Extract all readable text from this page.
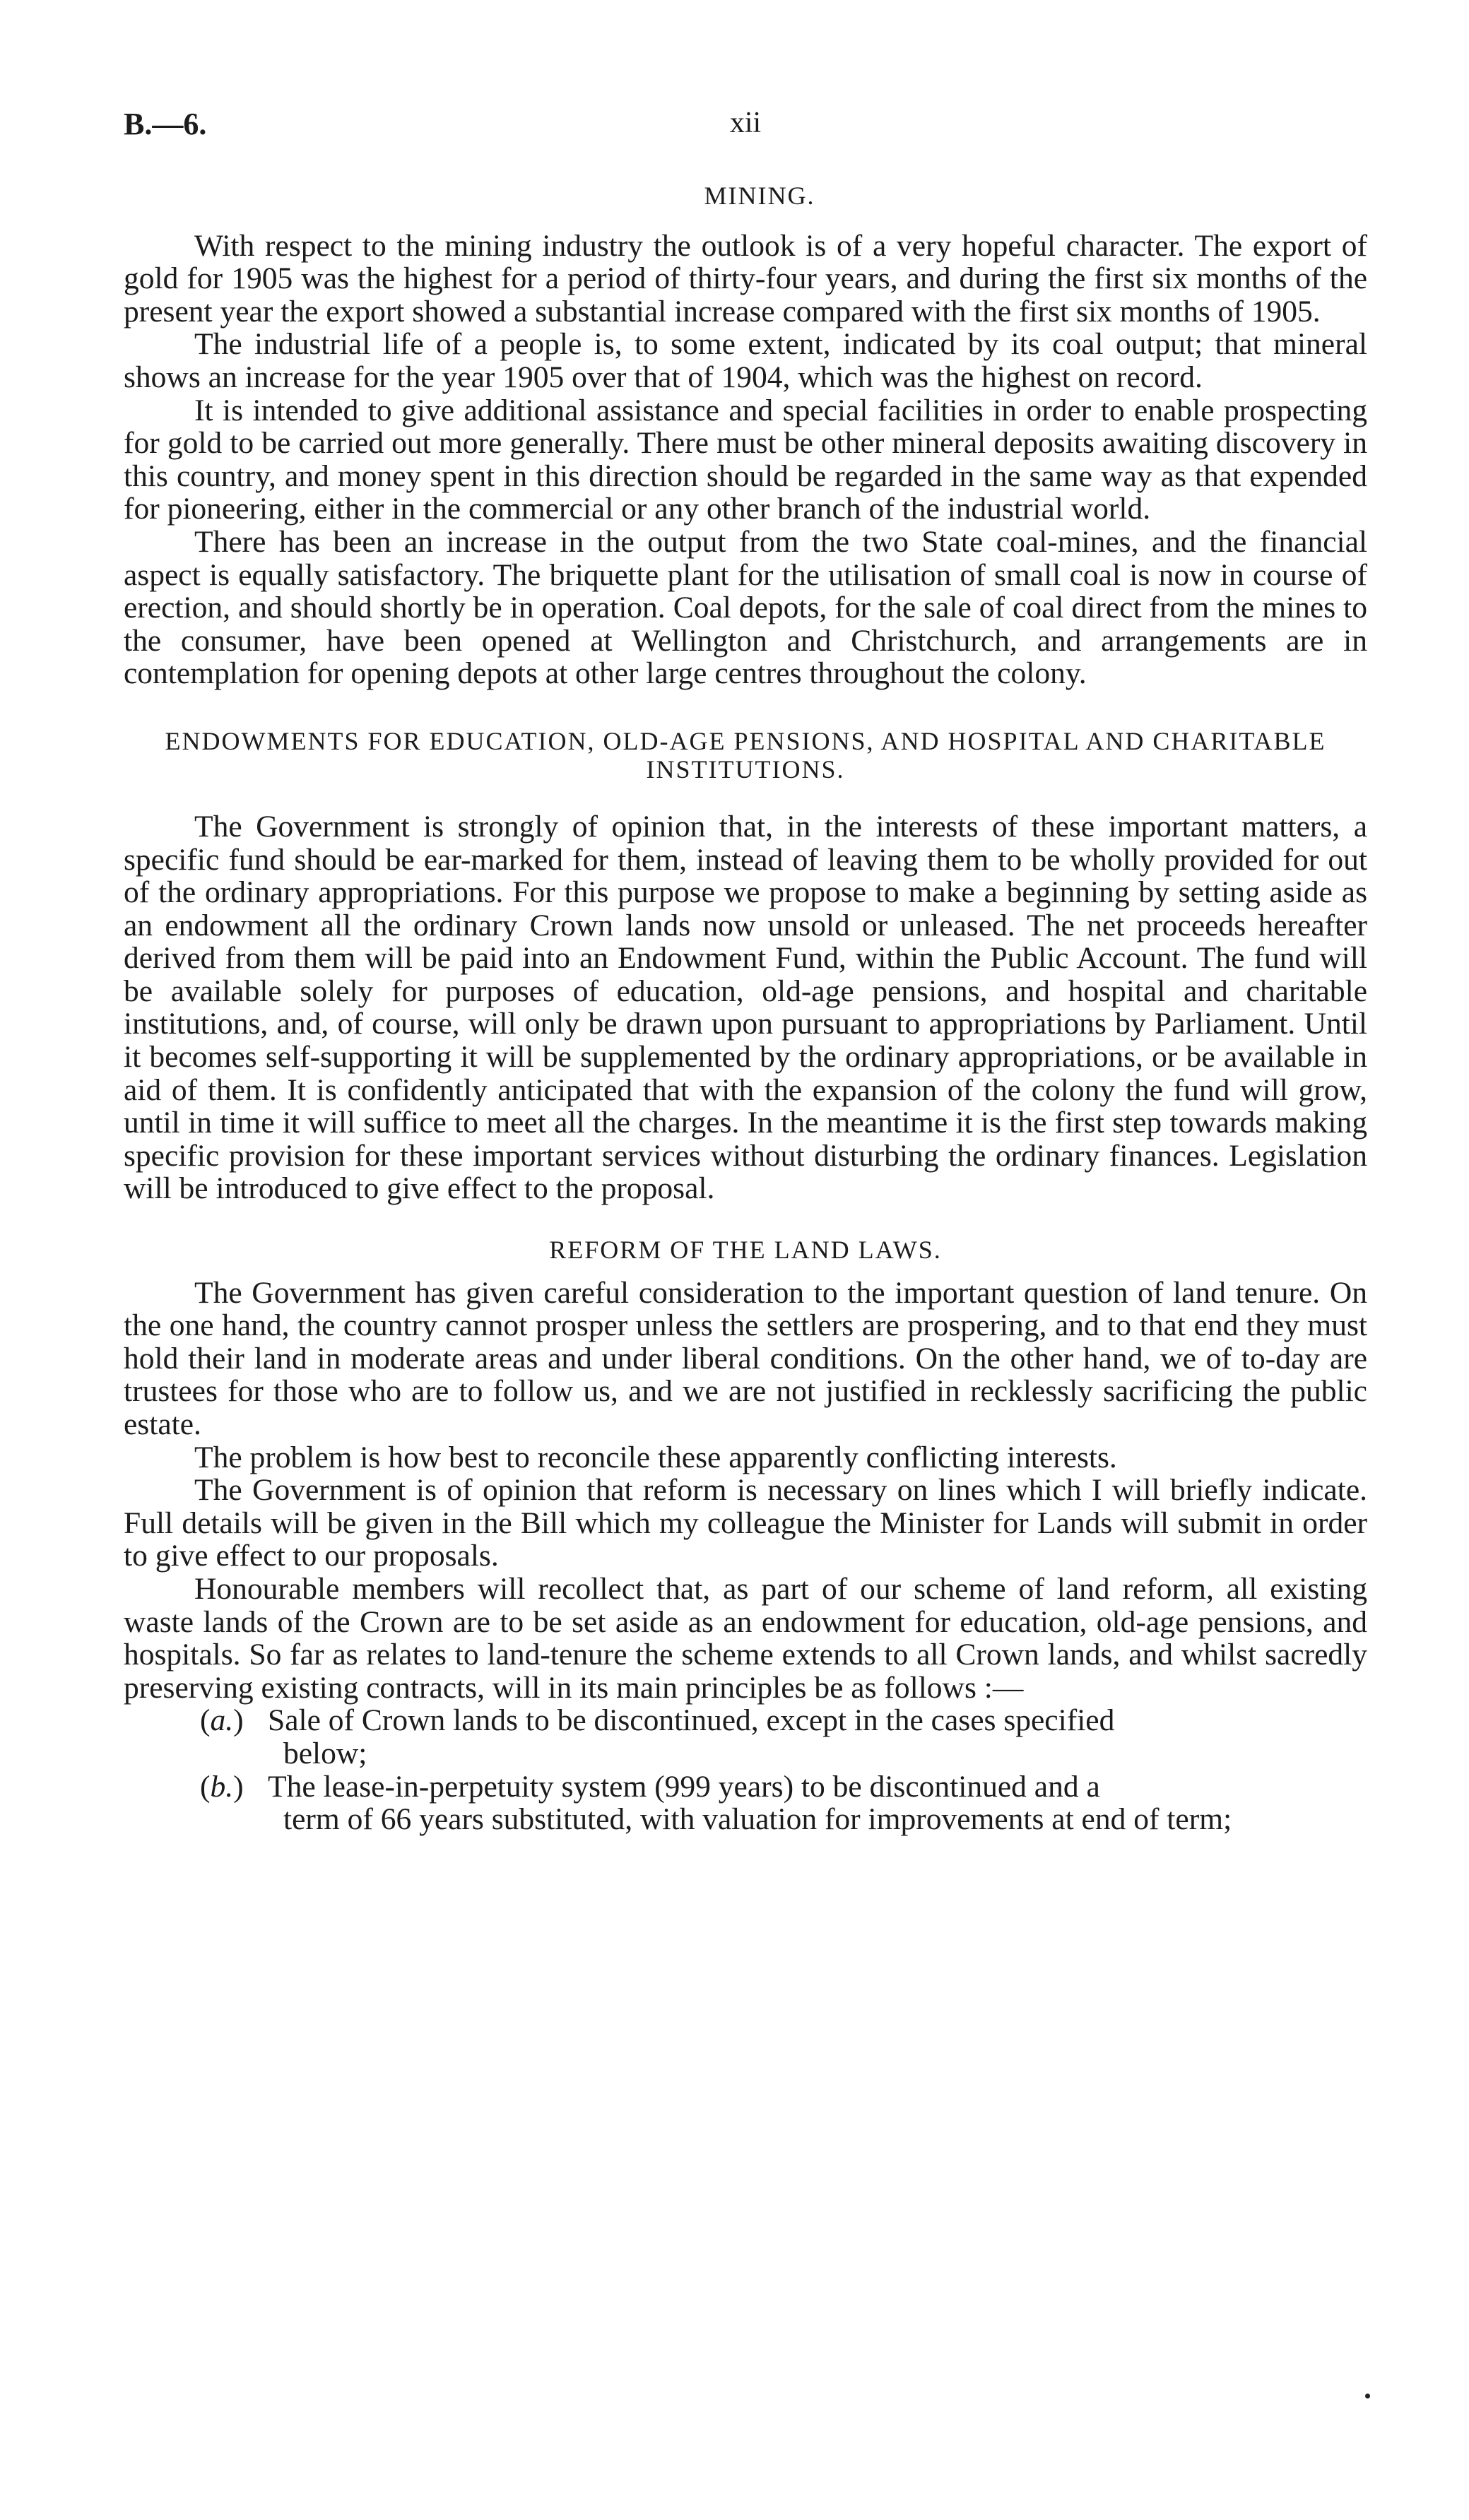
B.—6.	xii
MINING.

With respect to the mining industry the outlook is of a very hopeful character. The export of gold for 1905 was the highest for a period of thirty-four years, and during the first six months of the present year the export showed a substantial increase compared with the first six months of 1905.

The industrial life of a people is, to some extent, indicated by its coal output; that mineral shows an increase for the year 1905 over that of 1904, which was the highest on record.

It is intended to give additional assistance and special facilities in order to enable prospecting for gold to be carried out more generally. There must be other mineral deposits awaiting discovery in this country, and money spent in this direction should be regarded in the same way as that expended for pioneering, either in the commercial or any other branch of the industrial world.

There has been an increase in the output from the two State coal-mines, and the financial aspect is equally satisfactory. The briquette plant for the utilisation of small coal is now in course of erection, and should shortly be in operation. Coal depots, for the sale of coal direct from the mines to the consumer, have been opened at Wellington and Christchurch, and arrangements are in contemplation for opening depots at other large centres throughout the colony.

ENDOWMENTS FOR EDUCATION, OLD-AGE PENSIONS, AND HOSPITAL AND CHARITABLE INSTITUTIONS.

The Government is strongly of opinion that, in the interests of these important matters, a specific fund should be ear-marked for them, instead of leaving them to be wholly provided for out of the ordinary appropriations. For this purpose we propose to make a beginning by setting aside as an endowment all the ordinary Crown lands now unsold or unleased. The net proceeds hereafter derived from them will be paid into an Endowment Fund, within the Public Account. The fund will be available solely for purposes of education, old-age pensions, and hospital and charitable institutions, and, of course, will only be drawn upon pursuant to appropriations by Parliament. Until it becomes self-supporting it will be supplemented by the ordinary appropriations, or be available in aid of them. It is confidently anticipated that with the expansion of the colony the fund will grow, until in time it will suffice to meet all the charges. In the meantime it is the first step towards making specific provision for these important services without disturbing the ordinary finances. Legislation will be introduced to give effect to the proposal.

REFORM OF THE LAND LAWS.

The Government has given careful consideration to the important question of land tenure. On the one hand, the country cannot prosper unless the settlers are prospering, and to that end they must hold their land in moderate areas and under liberal conditions. On the other hand, we of to-day are trustees for those who are to follow us, and we are not justified in recklessly sacrificing the public estate.

The problem is how best to reconcile these apparently conflicting interests.

The Government is of opinion that reform is necessary on lines which I will briefly indicate. Full details will be given in the Bill which my colleague the Minister for Lands will submit in order to give effect to our proposals.

Honourable members will recollect that, as part of our scheme of land reform, all existing waste lands of the Crown are to be set aside as an endowment for education, old-age pensions, and hospitals. So far as relates to land-tenure the scheme extends to all Crown lands, and whilst sacredly preserving existing contracts, will in its main principles be as follows :—

(a.) Sale of Crown lands to be discontinued, except in the cases specified
below;
(b.) The lease-in-perpetuity system (999 years) to be discontinued and a
term of 66 years substituted, with valuation for improvements at end of term;
